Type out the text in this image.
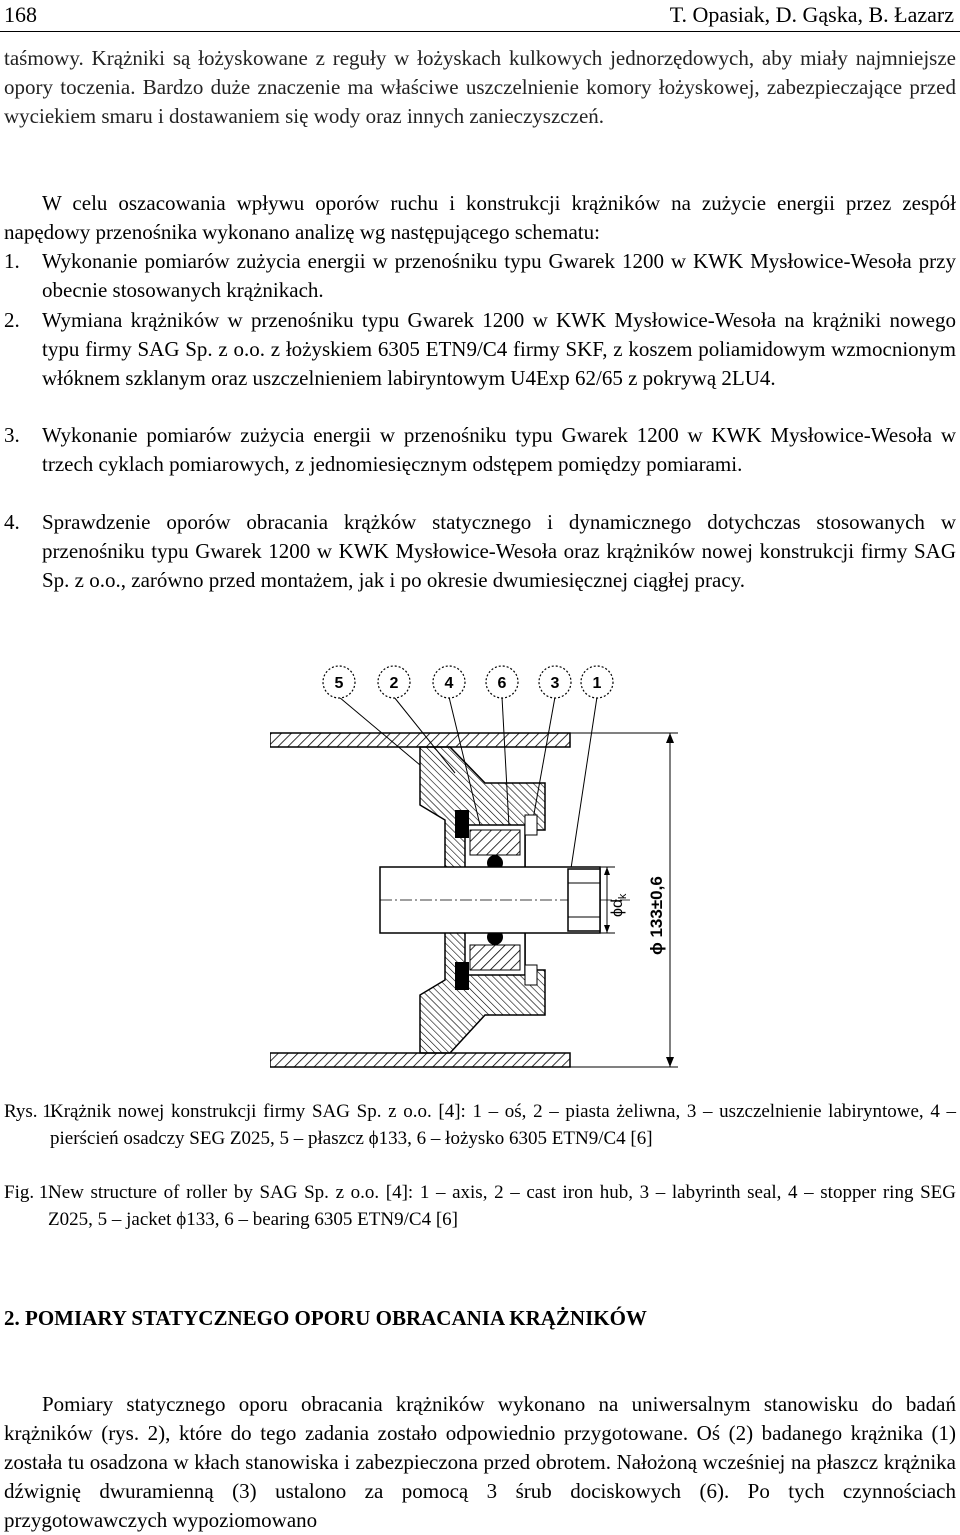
168	T. Opasiak, D. Gąska, B. Łazarz
taśmowy. Krążniki są łożyskowane z reguły w łożyskach kulkowych jednorzędowych, aby miały najmniejsze opory toczenia. Bardzo duże znaczenie ma właściwe uszczelnienie komory łożyskowej, zabezpieczające przed wyciekiem smaru i dostawaniem się wody oraz innych zanieczyszczeń.
W celu oszacowania wpływu oporów ruchu i konstrukcji krążników na zużycie energii przez zespół napędowy przenośnika wykonano analizę wg następującego schematu:
1. Wykonanie pomiarów zużycia energii w przenośniku typu Gwarek 1200 w KWK Mysłowice-Wesoła przy obecnie stosowanych krążnikach.
2. Wymiana krążników w przenośniku typu Gwarek 1200 w KWK Mysłowice-Wesoła na krążniki nowego typu firmy SAG Sp. z o.o. z łożyskiem 6305 ETN9/C4 firmy SKF, z koszem poliamidowym wzmocnionym włóknem szklanym oraz uszczelnieniem labiryntowym U4Exp 62/65 z pokrywą 2LU4.
3. Wykonanie pomiarów zużycia energii w przenośniku typu Gwarek 1200 w KWK Mysłowice-Wesoła w trzech cyklach pomiarowych, z jednomiesięcznym odstępem pomiędzy pomiarami.
4. Sprawdzenie oporów obracania krążków statycznego i dynamicznego dotychczas stosowanych w przenośniku typu Gwarek 1200 w KWK Mysłowice-Wesoła oraz krążników nowej konstrukcji firmy SAG Sp. z o.o., zarówno przed montażem, jak i po okresie dwumiesięcznej ciągłej pracy.
5	2	4	6	3 1
$\phi d_k$ ϕ 133±0,6
Rys. 1.
Krążnik nowej konstrukcji firmy SAG Sp. z o.o. [4]: 1 – oś, 2 – piasta żeliwna, 3 – uszczelnienie labiryntowe, 4 – pierścień osadczy SEG Z025, 5 – płaszcz ϕ133, 6 – łożysko 6305 ETN9/C4 [6]
Fig. 1.
New structure of roller by SAG Sp. z o.o. [4]: 1 – axis, 2 – cast iron hub, 3 – labyrinth seal, 4 – stopper ring SEG Z025, 5 – jacket ϕ133, 6 – bearing 6305 ETN9/C4 [6]
2. POMIARY STATYCZNEGO OPORU OBRACANIA KRĄŻNIKÓW
Pomiary statycznego oporu obracania krążników wykonano na uniwersalnym stanowisku do badań krążników (rys. 2), które do tego zadania zostało odpowiednio przygotowane. Oś (2) badanego krążnika (1) została tu osadzona w kłach stanowiska i zabezpieczona przed obrotem. Nałożoną wcześniej na płaszcz krążnika dźwignię dwuramienną (3) ustalono za pomocą 3 śrub dociskowych (6). Po tych czynnościach przygotowawczych wypoziomowano
